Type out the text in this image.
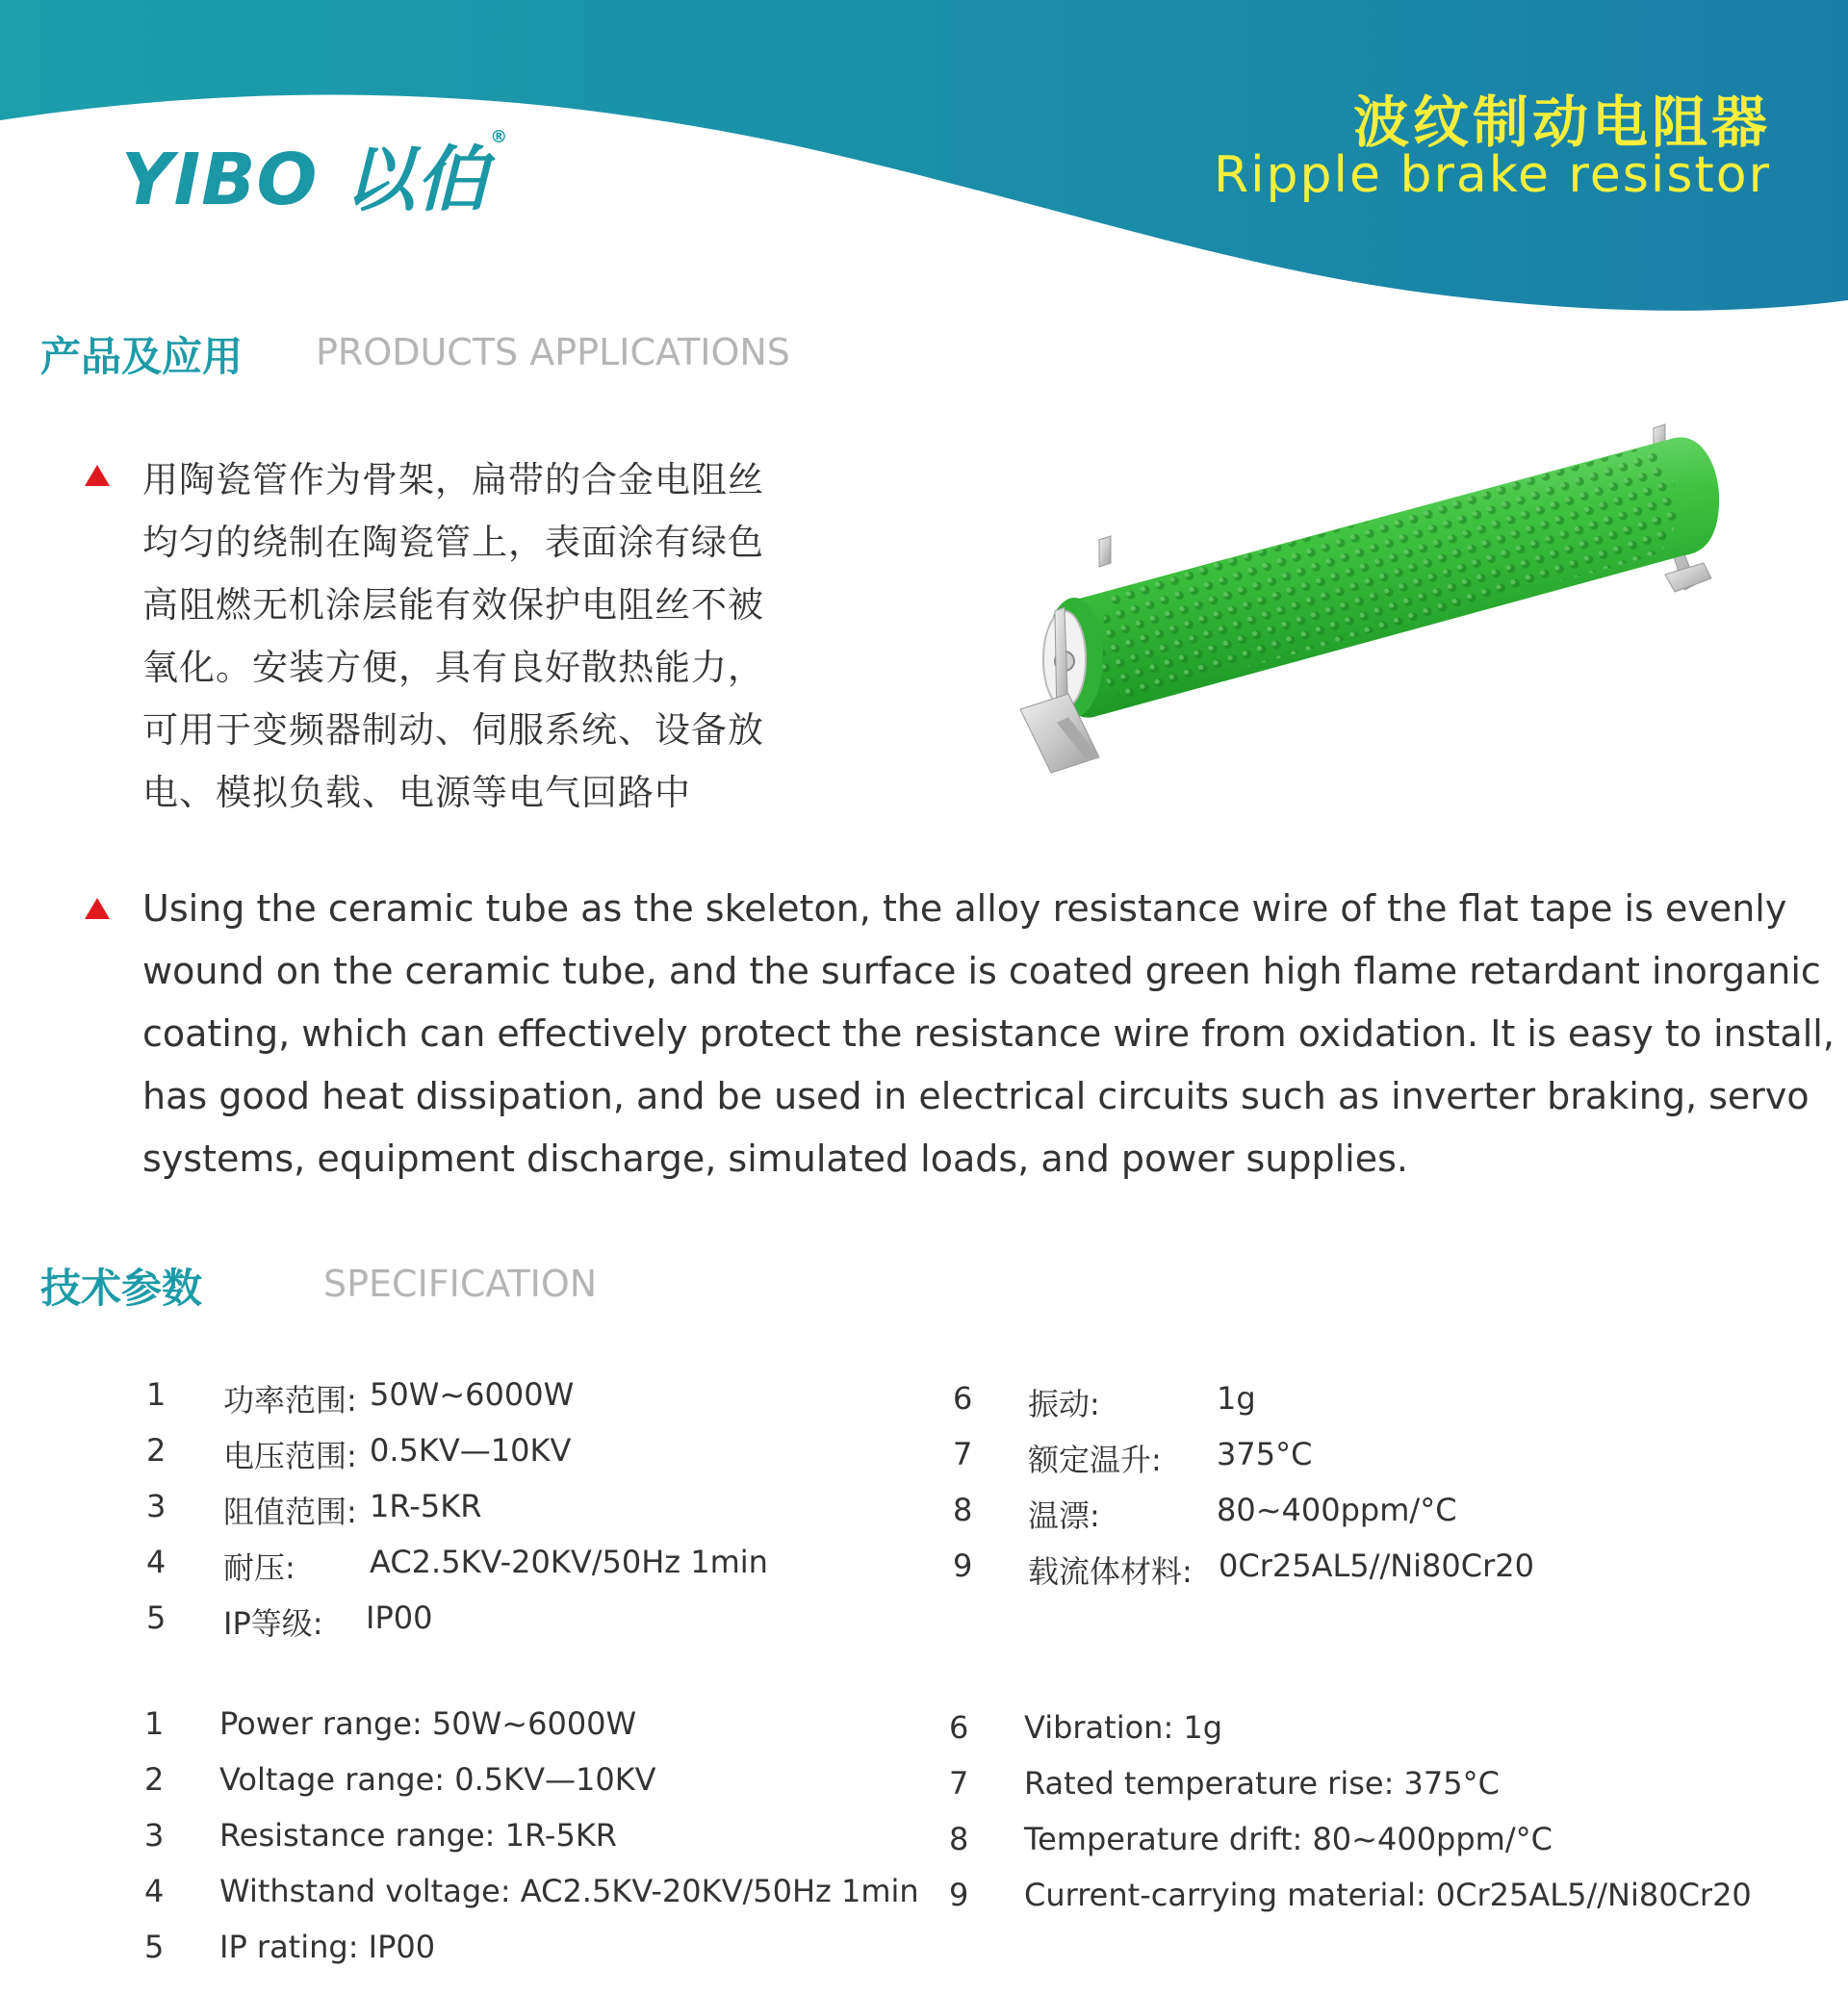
YIBO 以伯®	波纹制动电阻器
Ripple brake resistor
产品及应用 PRODUCTS APPLICATIONS
用陶瓷管作为骨架，扁带的合金电阻丝
均匀的绕制在陶瓷管上，表面涂有绿色
高阻燃无机涂层能有效保护电阻丝不被
氧化。安装方便，具有良好散热能力，
可用于变频器制动、伺服系统、设备放
电、模拟负载、电源等电气回路中
Using the ceramic tube as the skeleton, the alloy resistance wire of the flat tape is evenly
wound on the ceramic tube, and the surface is coated green high flame retardant inorganic
coating, which can effectively protect the resistance wire from oxidation. It is easy to install,
has good heat dissipation, and be used in electrical circuits such as inverter braking, servo
systems, equipment discharge, simulated loads, and power supplies.
技术参数	SPECIFICATION
1 功率范围: 50W~6000W
2 电压范围: 0.5KV—10KV
3 阻值范围: 1R-5KR
4 耐压: AC2.5KV-20KV/50Hz 1min
5 IP等级: IP00
6 振动:	1g
7 额定温升: 375°C
8 温漂:	80~400ppm/°C
9 载流体材料: 0Cr25AL5//Ni80Cr20
1 Power range: 50W~6000W
2 Voltage range: 0.5KV—10KV
3 Resistance range: 1R-5KR
4 Withstand voltage: AC2.5KV-20KV/50Hz 1min
5 IP rating: IP00
6 Vibration: 1g
7 Rated temperature rise: 375°C
8 Temperature drift: 80~400ppm/°C
9 Current-carrying material: 0Cr25AL5//Ni80Cr20
